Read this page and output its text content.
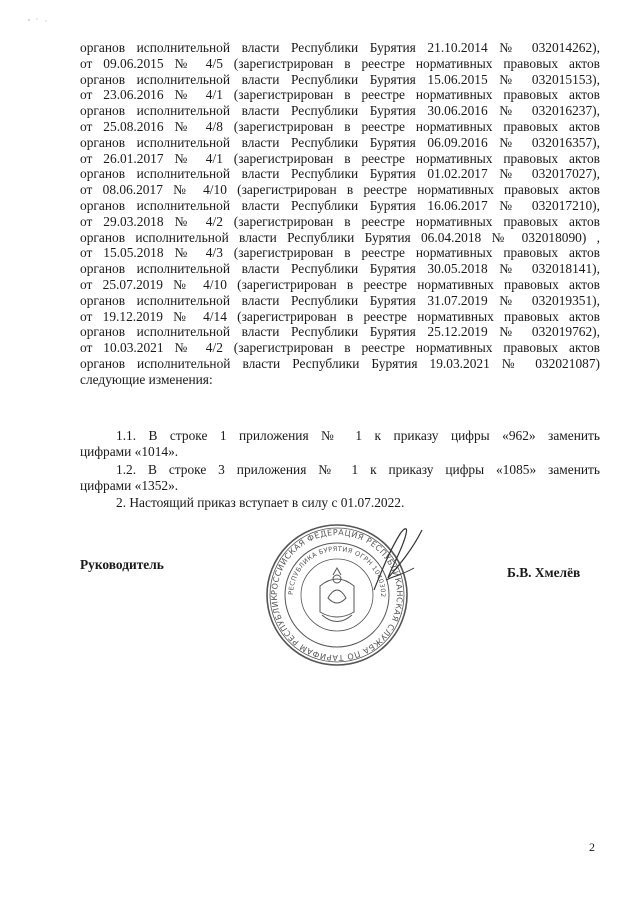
органов исполнительной власти Республики Бурятия 21.10.2014 № 032014262),
от 09.06.2015 № 4/5 (зарегистрирован в реестре нормативных правовых актов
органов исполнительной власти Республики Бурятия 15.06.2015 № 032015153),
от 23.06.2016 № 4/1 (зарегистрирован в реестре нормативных правовых актов
органов исполнительной власти Республики Бурятия 30.06.2016 № 032016237),
от 25.08.2016 № 4/8 (зарегистрирован в реестре нормативных правовых актов
органов исполнительной власти Республики Бурятия 06.09.2016 № 032016357),
от 26.01.2017 № 4/1 (зарегистрирован в реестре нормативных правовых актов
органов исполнительной власти Республики Бурятия 01.02.2017 № 032017027),
от 08.06.2017 № 4/10 (зарегистрирован в реестре нормативных правовых актов
органов исполнительной власти Республики Бурятия 16.06.2017 № 032017210),
от 29.03.2018 № 4/2 (зарегистрирован в реестре нормативных правовых актов
органов исполнительной власти Республики Бурятия 06.04.2018 № 032018090) ,
от 15.05.2018 № 4/3 (зарегистрирован в реестре нормативных правовых актов
органов исполнительной власти Республики Бурятия 30.05.2018 № 032018141),
от 25.07.2019 № 4/10 (зарегистрирован в реестре нормативных правовых актов
органов исполнительной власти Республики Бурятия 31.07.2019 № 032019351),
от 19.12.2019 № 4/14 (зарегистрирован в реестре нормативных правовых актов
органов исполнительной власти Республики Бурятия 25.12.2019 № 032019762),
от 10.03.2021 № 4/2 (зарегистрирован в реестре нормативных правовых актов
органов исполнительной власти Республики Бурятия 19.03.2021 № 032021087)
следующие изменения:
1.1. В строке 1 приложения № 1 к приказу цифры «962» заменить
цифрами «1014».
1.2. В строке 3 приложения № 1 к приказу цифры «1085» заменить
цифрами «1352».
2. Настоящий приказ вступает в силу с 01.07.2022.
Руководитель
РОССИЙСКАЯ ФЕДЕРАЦИЯ РЕСПУБЛИКАНСКАЯ СЛУЖБА ПО ТАРИФАМ РЕСПУБЛИК
РЕСПУБЛИКА БУРЯТИЯ ОГРН 1040302
Б.В. Хмелёв
2
